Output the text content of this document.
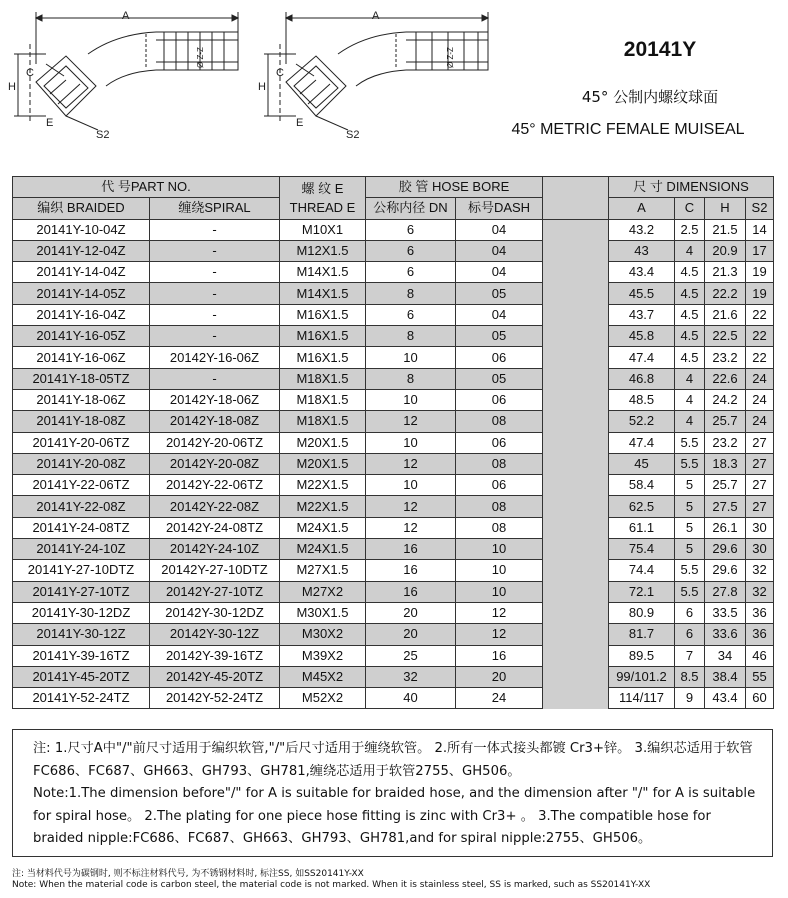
S2
A
H
C
E
Ø Z-Z
S2
A
H
C
E
Ø Z-Z	20141Y
45° 公制内螺纹球面
45° METRIC FEMALE MUISEAL
代 号PART NO.		螺 纹 E
THREAD E	胶 管 HOSE BORE			尺 寸 DIMENSIONS			
编织 BRAIDED	缠绕SPIRAL		公称内径 DN	标号DASH		A	C	H	S2
20141Y-10-04Z	-	M10X1	6	04		43.2	2.5	21.5	14
20141Y-12-04Z	-	M12X1.5	6	04		43	4	20.9	17
20141Y-14-04Z	-	M14X1.5	6	04		43.4	4.5	21.3	19
20141Y-14-05Z	-	M14X1.5	8	05		45.5	4.5	22.2	19
20141Y-16-04Z	-	M16X1.5	6	04		43.7	4.5	21.6	22
20141Y-16-05Z	-	M16X1.5	8	05		45.8	4.5	22.5	22
20141Y-16-06Z	20142Y-16-06Z	M16X1.5	10	06		47.4	4.5	23.2	22
20141Y-18-05TZ	-	M18X1.5	8	05		46.8	4	22.6	24
20141Y-18-06Z	20142Y-18-06Z	M18X1.5	10	06		48.5	4	24.2	24
20141Y-18-08Z	20142Y-18-08Z	M18X1.5	12	08		52.2	4	25.7	24
20141Y-20-06TZ	20142Y-20-06TZ	M20X1.5	10	06		47.4	5.5	23.2	27
20141Y-20-08Z	20142Y-20-08Z	M20X1.5	12	08		45	5.5	18.3	27
20141Y-22-06TZ	20142Y-22-06TZ	M22X1.5	10	06		58.4	5	25.7	27
20141Y-22-08Z	20142Y-22-08Z	M22X1.5	12	08		62.5	5	27.5	27
20141Y-24-08TZ	20142Y-24-08TZ	M24X1.5	12	08		61.1	5	26.1	30
20141Y-24-10Z	20142Y-24-10Z	M24X1.5	16	10		75.4	5	29.6	30
20141Y-27-10DTZ	20142Y-27-10DTZ	M27X1.5	16	10		74.4	5.5	29.6	32
20141Y-27-10TZ	20142Y-27-10TZ	M27X2	16	10		72.1	5.5	27.8	32
20141Y-30-12DZ	20142Y-30-12DZ	M30X1.5	20	12		80.9	6	33.5	36
20141Y-30-12Z	20142Y-30-12Z	M30X2	20	12		81.7	6	33.6	36
20141Y-39-16TZ	20142Y-39-16TZ	M39X2	25	16		89.5	7	34	46
20141Y-45-20TZ	20142Y-45-20TZ	M45X2	32	20		99/101.2	8.5	38.4	55
20141Y-52-24TZ	20142Y-52-24TZ	M52X2	40	24		114/117	9	43.4	60

注: 1.尺寸A中"/"前尺寸适用于编织软管,"/"后尺寸适用于缠绕软管。 2.所有一体式接头都镀 Cr3+锌。 3.编织芯适用于软管FC686、FC687、GH663、GH793、GH781,缠绕芯适用于软管2755、GH506。

Note:1.The dimension before"/" for A is suitable for braided hose, and the dimension after "/" for A is suitable for spiral hose。 2.The plating for one piece hose fitting is zinc with Cr3+ 。 3.The compatible hose for braided nipple:FC686、FC687、GH663、GH793、GH781,and for spiral nipple:2755、GH506。

注: 当材料代号为碳钢时, 则不标注材料代号, 为不锈钢材料时, 标注SS, 如SS20141Y-XX
Note: When the material code is carbon steel, the material code is not marked. When it is stainless steel, SS is marked, such as SS20141Y-XX
